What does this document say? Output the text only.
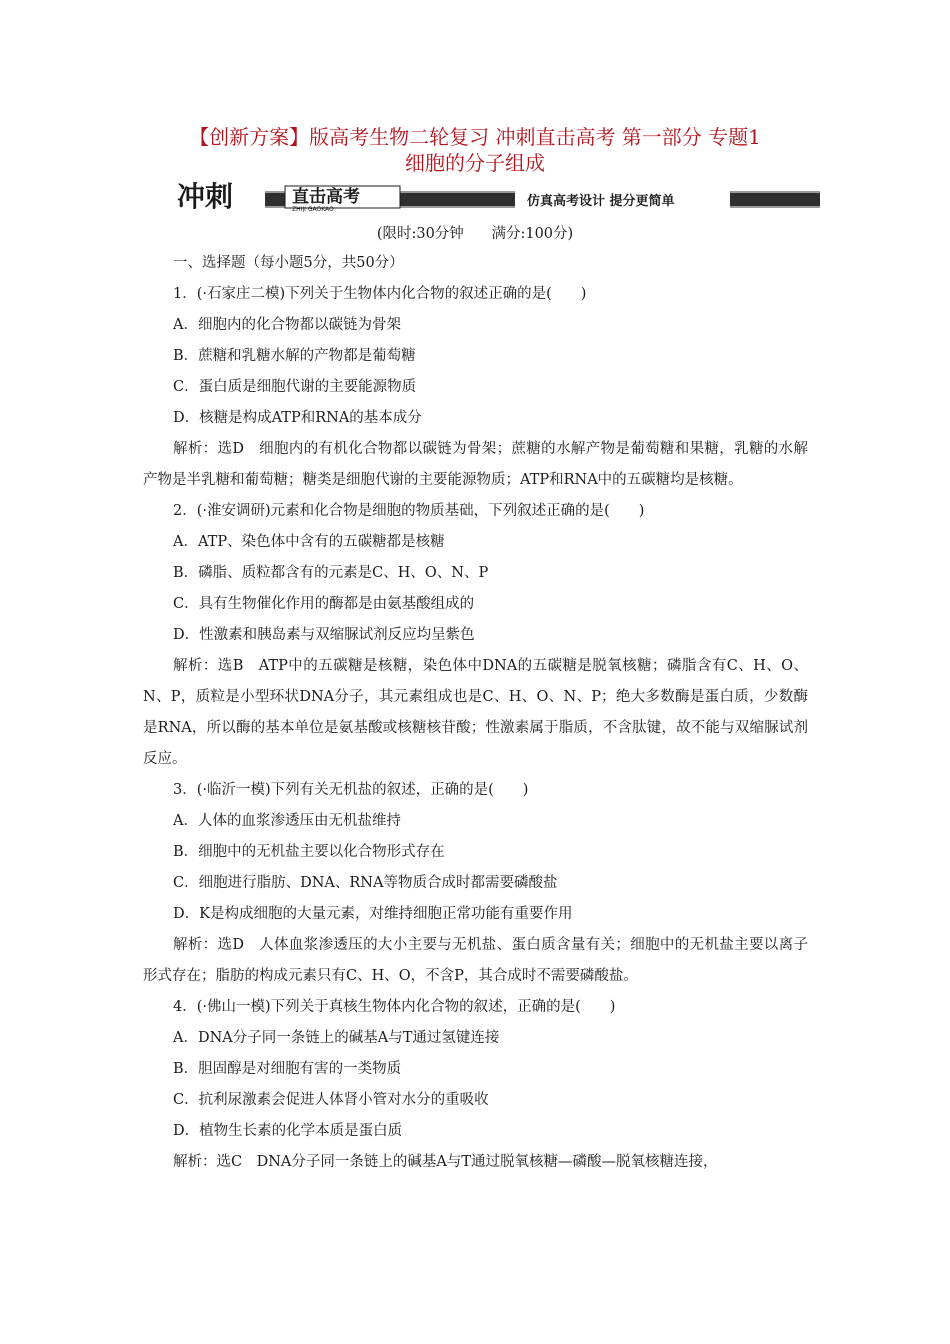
【创新方案】版高考生物二轮复习 冲刺直击高考 第一部分 专题1
细胞的分子组成
冲刺	直击高考
ZHIJI GAOKAO
仿真高考设计 提分更简单
(限时:30分钟      满分:100分)
一、选择题（每小题5分，共50分）
1．(·石家庄二模)下列关于生物体内化合物的叙述正确的是(　　)
A．细胞内的化合物都以碳链为骨架
B．蔗糖和乳糖水解的产物都是葡萄糖
C．蛋白质是细胞代谢的主要能源物质
D．核糖是构成ATP和RNA的基本成分
解析：选D　细胞内的有机化合物都以碳链为骨架；蔗糖的水解产物是葡萄糖和果糖，乳糖的水解产物是半乳糖和葡萄糖；糖类是细胞代谢的主要能源物质；ATP和RNA中的五碳糖均是核糖。
2．(·淮安调研)元素和化合物是细胞的物质基础，下列叙述正确的是(　　)
A．ATP、染色体中含有的五碳糖都是核糖
B．磷脂、质粒都含有的元素是C、H、O、N、P
C．具有生物催化作用的酶都是由氨基酸组成的
D．性激素和胰岛素与双缩脲试剂反应均呈紫色
解析：选B　ATP中的五碳糖是核糖，染色体中DNA的五碳糖是脱氧核糖；磷脂含有C、H、O、N、P，质粒是小型环状DNA分子，其元素组成也是C、H、O、N、P；绝大多数酶是蛋白质，少数酶是RNA，所以酶的基本单位是氨基酸或核糖核苷酸；性激素属于脂质，不含肽键，故不能与双缩脲试剂反应。
3．(·临沂一模)下列有关无机盐的叙述，正确的是(　　)
A．人体的血浆渗透压由无机盐维持
B．细胞中的无机盐主要以化合物形式存在
C．细胞进行脂肪、DNA、RNA等物质合成时都需要磷酸盐
D．K是构成细胞的大量元素，对维持细胞正常功能有重要作用
解析：选D　人体血浆渗透压的大小主要与无机盐、蛋白质含量有关；细胞中的无机盐主要以离子形式存在；脂肪的构成元素只有C、H、O，不含P，其合成时不需要磷酸盐。
4．(·佛山一模)下列关于真核生物体内化合物的叙述，正确的是(　　)
A．DNA分子同一条链上的碱基A与T通过氢键连接
B．胆固醇是对细胞有害的一类物质
C．抗利尿激素会促进人体肾小管对水分的重吸收
D．植物生长素的化学本质是蛋白质
解析：选C　DNA分子同一条链上的碱基A与T通过脱氧核糖—磷酸—脱氧核糖连接，
